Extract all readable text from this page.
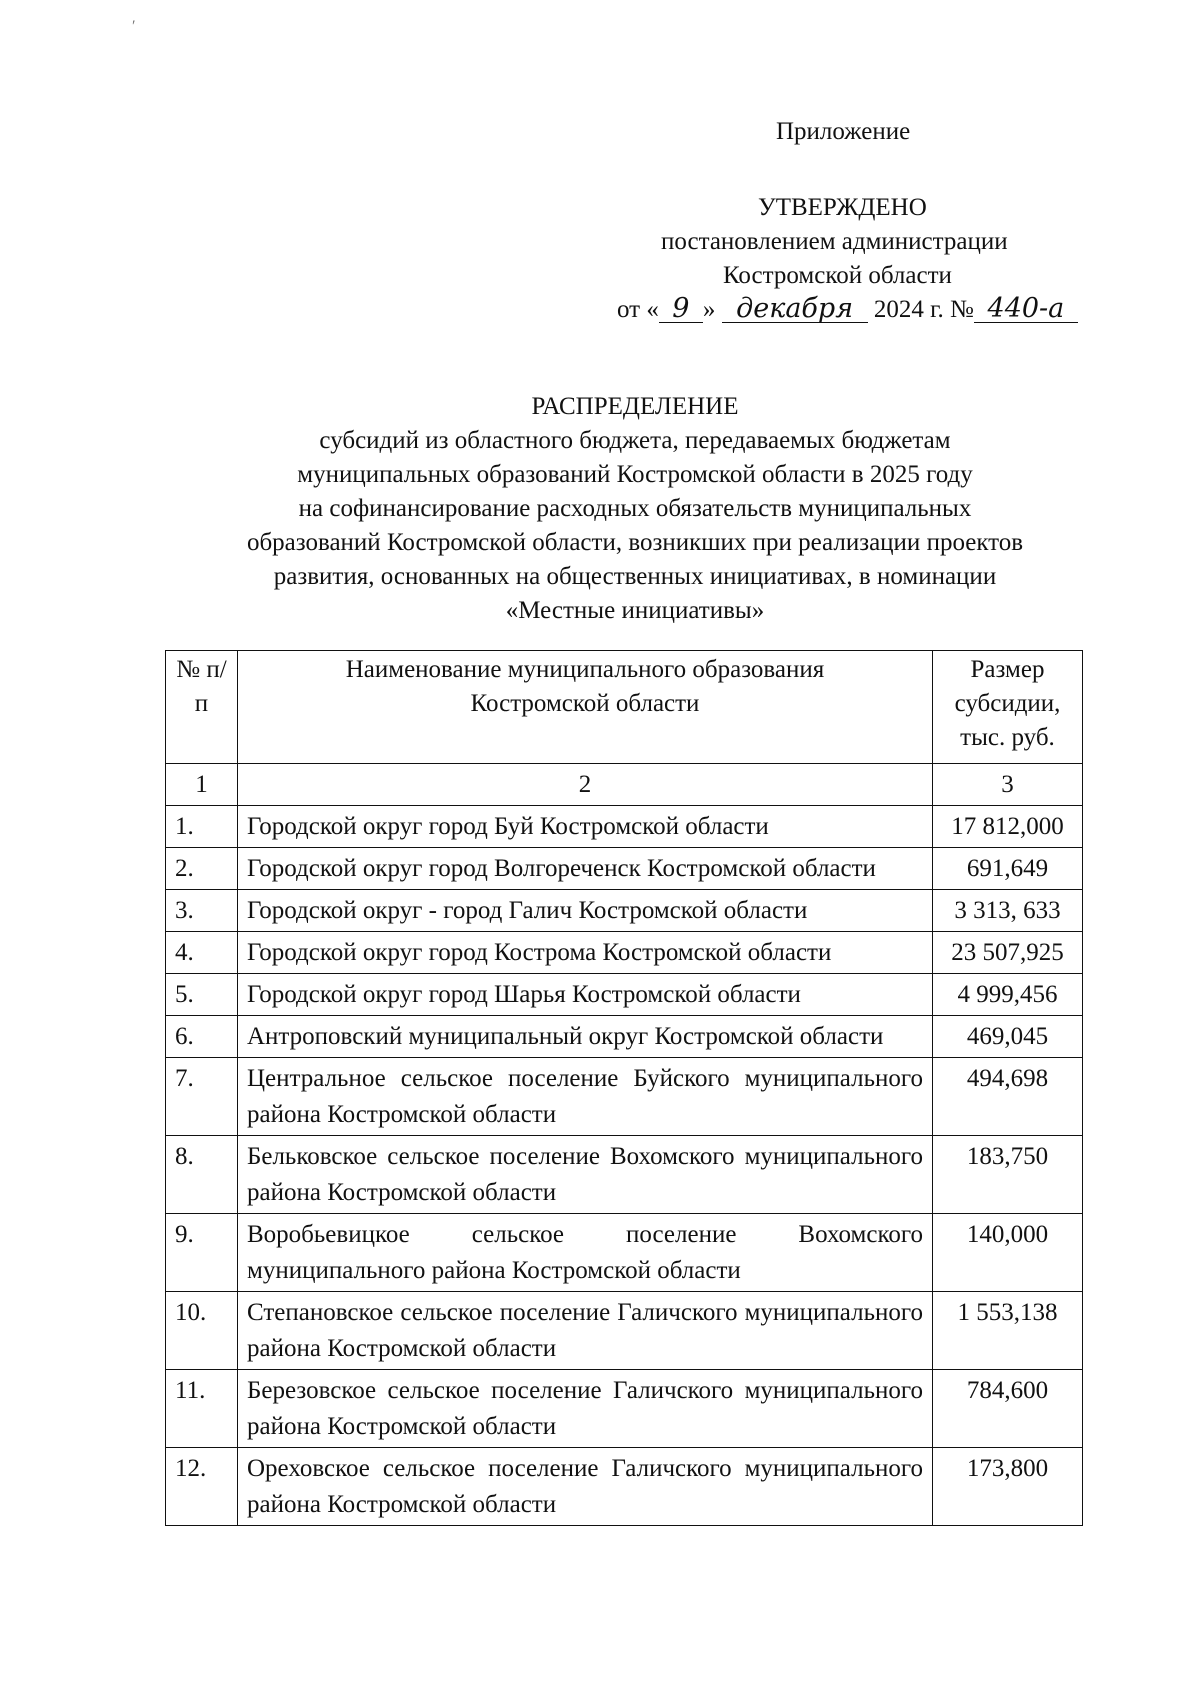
′
Приложение
УТВЕРЖДЕНО
постановлением администрации
Костромской области
от « 9 » декабря 2024 г. № 440-а
РАСПРЕДЕЛЕНИЕ
субсидий из областного бюджета, передаваемых бюджетам
муниципальных образований Костромской области в 2025 году
на софинансирование расходных обязательств муниципальных
образований Костромской области, возникших при реализации проектов
развития, основанных на общественных инициативах, в номинации
«Местные инициативы»
№ п/п	Наименование муниципального образования Костромской области	Размер субсидии, тыс. руб.
1	2	3
1.	Городской округ город Буй Костромской области	17 812,000
2.	Городской округ город Волгореченск Костромской области	691,649
3.	Городской округ - город Галич Костромской области	3 313, 633
4.	Городской округ город Кострома Костромской области	23 507,925
5.	Городской округ город Шарья Костромской области	4 999,456
6.	Антроповский муниципальный округ Костромской области	469,045
7.	Центральное сельское поселение Буйского муниципального района Костромской области	494,698
8.	Бельковское сельское поселение Вохомского муниципального района Костромской области	183,750
9.	Воробьевицкое сельское поселение Вохомского муниципального района Костромской области	140,000
10.	Степановское сельское поселение Галичского муниципального района Костромской области	1 553,138
11.	Березовское сельское поселение Галичского муниципального района Костромской области	784,600
12.	Ореховское сельское поселение Галичского муниципального района Костромской области	173,800
